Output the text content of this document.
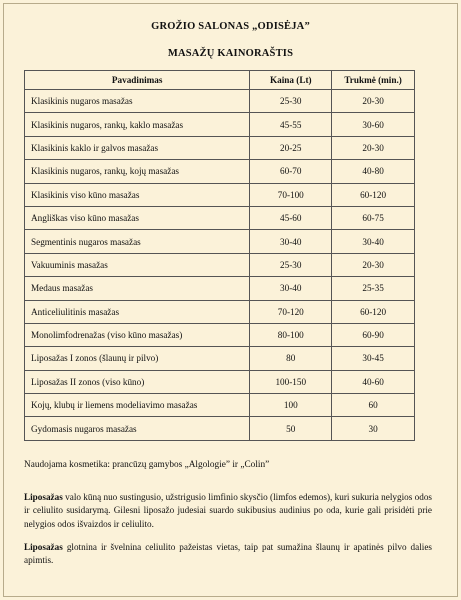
GROŽIO SALONAS „ODISĖJA”
MASAŽŲ KAINORAŠTIS
Pavadinimas	Kaina (Lt)	Trukmė (min.)
Klasikinis nugaros masažas	25-30	20-30
Klasikinis nugaros, rankų, kaklo masažas	45-55	30-60
Klasikinis kaklo ir galvos masažas	20-25	20-30
Klasikinis nugaros, rankų, kojų masažas	60-70	40-80
Klasikinis viso kūno masažas	70-100	60-120
Angliškas viso kūno masažas	45-60	60-75
Segmentinis nugaros masažas	30-40	30-40
Vakuuminis masažas	25-30	20-30
Medaus masažas	30-40	25-35
Anticeliulitinis masažas	70-120	60-120
Monolimfodrenažas (viso kūno masažas)	80-100	60-90
Liposažas I zonos (šlaunų ir pilvo)	80	30-45
Liposažas II zonos (viso kūno)	100-150	40-60
Kojų, klubų ir liemens modeliavimo masažas	100	60
Gydomasis nugaros masažas	50	30
Naudojama kosmetika: prancūzų gamybos „Algologie” ir „Colin”
Liposažas valo kūną nuo sustingusio, užstrigusio limfinio skysčio (limfos edemos), kuri sukuria nelygios odos ir celiulito susidarymą. Gilesni liposažo judesiai suardo sukibusius audinius po oda, kurie gali prisidėti prie nelygios odos išvaizdos ir celiulito.
Liposažas glotnina ir švelnina celiulito pažeistas vietas, taip pat sumažina šlaunų ir apatinės pilvo dalies apimtis.
